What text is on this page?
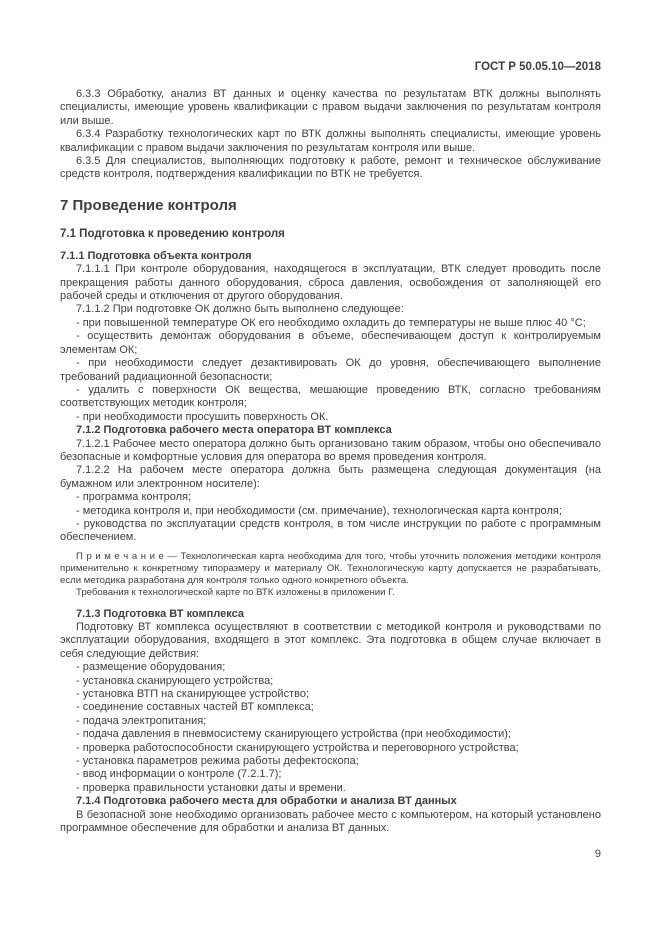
ГОСТ Р 50.05.10—2018

6.3.3 Обработку, анализ ВТ данных и оценку качества по результатам ВТК должны выполнять специалисты, имеющие уровень квалификации с правом выдачи заключения по результатам контроля или выше.

6.3.4 Разработку технологических карт по ВТК должны выполнять специалисты, имеющие уровень квалификации с правом выдачи заключения по результатам контроля или выше.

6.3.5 Для специалистов, выполняющих подготовку к работе, ремонт и техническое обслуживание средств контроля, подтверждения квалификации по ВТК не требуется.

7 Проведение контроля
7.1 Подготовка к проведению контроля
7.1.1 Подготовка объекта контроля

7.1.1.1 При контроле оборудования, находящегося в эксплуатации, ВТК следует проводить после прекращения работы данного оборудования, сброса давления, освобождения от заполняющей его рабочей среды и отключения от другого оборудования.

7.1.1.2 При подготовке ОК должно быть выполнено следующее:

- при повышенной температуре ОК его необходимо охладить до температуры не выше плюс 40 °С;

- осуществить демонтаж оборудования в объеме, обеспечивающем доступ к контролируемым элементам ОК;

- при необходимости следует дезактивировать ОК до уровня, обеспечивающего выполнение требований радиационной безопасности;

- удалить с поверхности ОК вещества, мешающие проведению ВТК, согласно требованиям соответствующих методик контроля;

- при необходимости просушить поверхность ОК.

7.1.2 Подготовка рабочего места оператора ВТ комплекса

7.1.2.1 Рабочее место оператора должно быть организовано таким образом, чтобы оно обеспечивало безопасные и комфортные условия для оператора во время проведения контроля.

7.1.2.2 На рабочем месте оператора должна быть размещена следующая документация (на бумажном или электронном носителе):

- программа контроля;

- методика контроля и, при необходимости (см. примечание), технологическая карта контроля;

- руководства по эксплуатации средств контроля, в том числе инструкции по работе с программным обеспечением.

П р и м е ч а н и е — Технологическая карта необходима для того, чтобы уточнить положения методики контроля применительно к конкретному типоразмеру и материалу ОК. Технологическую карту допускается не разрабатывать, если методика разработана для контроля только одного конкретного объекта.

Требования к технологической карте по ВТК изложены в приложении Г.

7.1.3 Подготовка ВТ комплекса

Подготовку ВТ комплекса осуществляют в соответствии с методикой контроля и руководствами по эксплуатации оборудования, входящего в этот комплекс. Эта подготовка в общем случае включает в себя следующие действия:

- размещение оборудования;

- установка сканирующего устройства;

- установка ВТП на сканирующее устройство;

- соединение составных частей ВТ комплекса;

- подача электропитания;

- подача давления в пневмосистему сканирующего устройства (при необходимости);

- проверка работоспособности сканирующего устройства и переговорного устройства;

- установка параметров режима работы дефектоскопа;

- ввод информации о контроле (7.2.1.7);

- проверка правильности установки даты и времени.

7.1.4 Подготовка рабочего места для обработки и анализа ВТ данных

В безопасной зоне необходимо организовать рабочее место с компьютером, на который установлено программное обеспечение для обработки и анализа ВТ данных.

9
